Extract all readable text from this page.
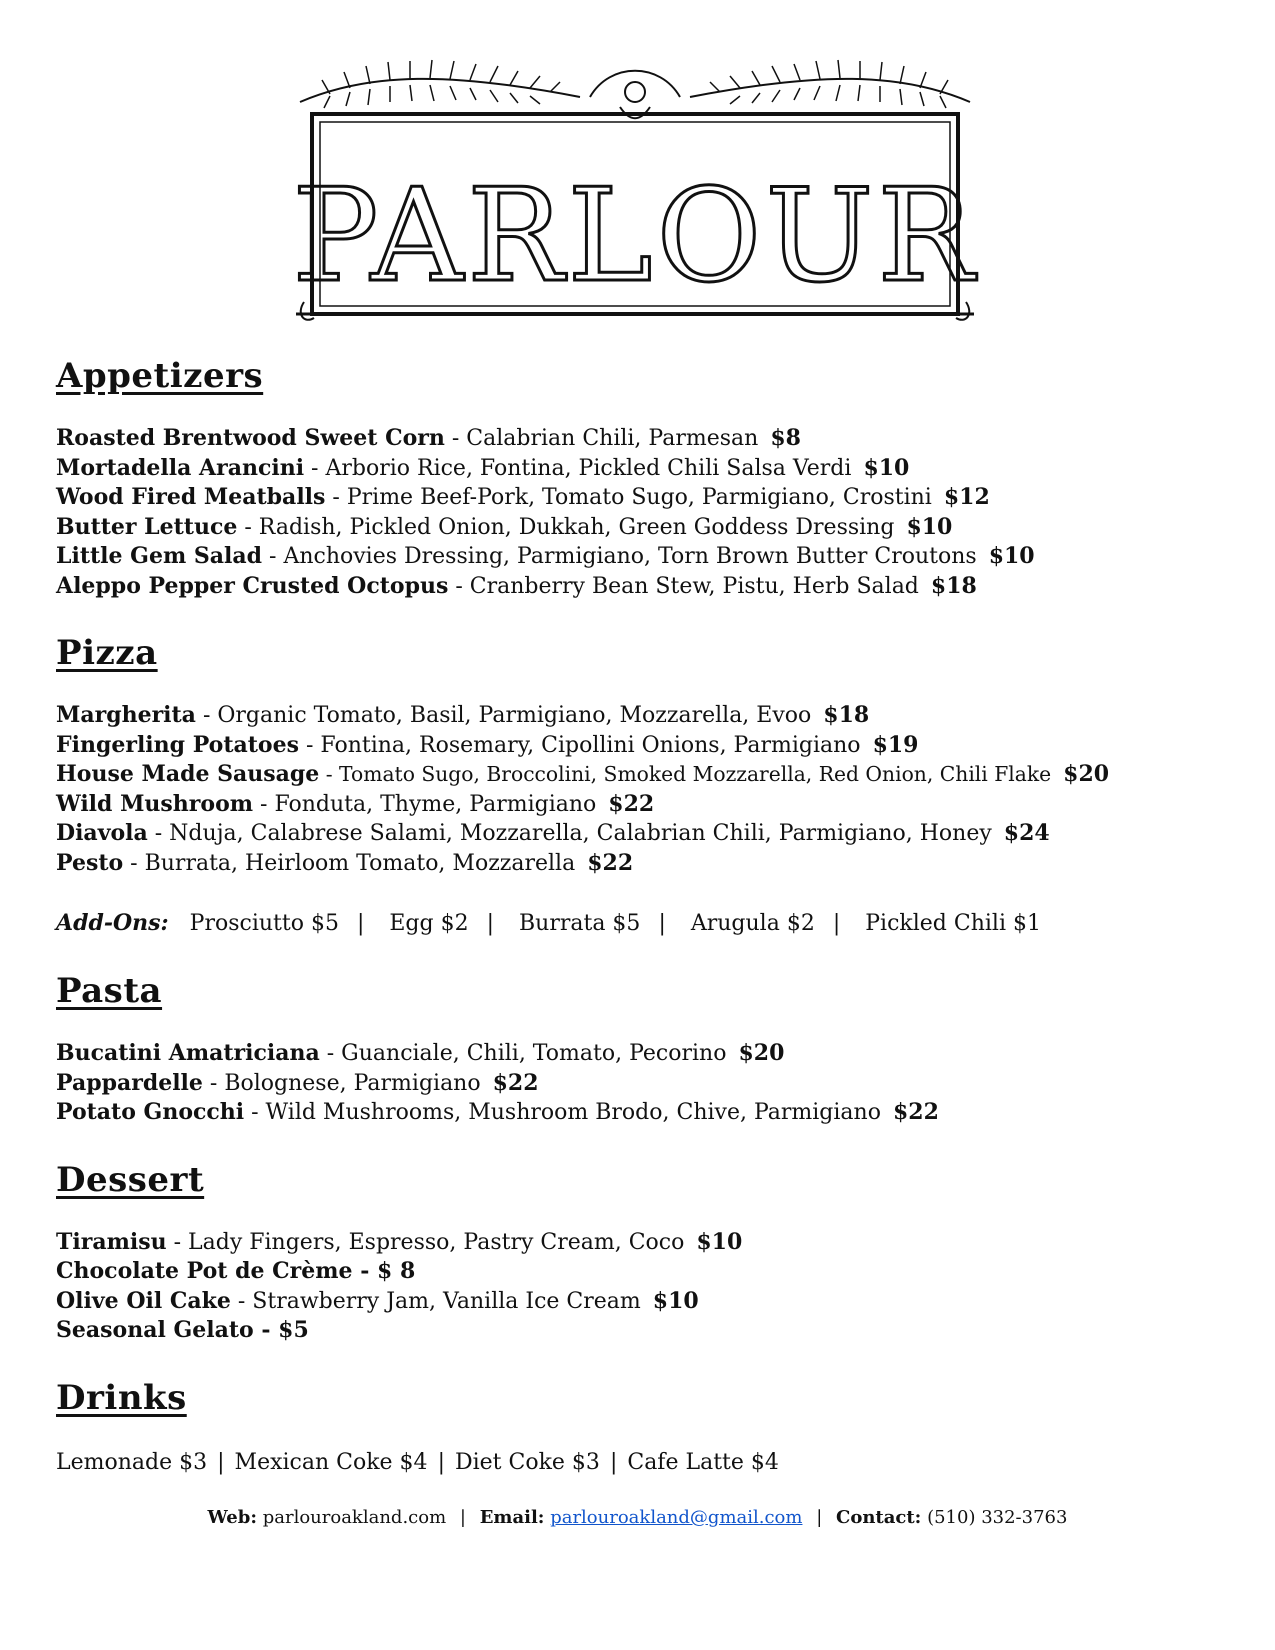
PARLOUR
Appetizers
Roasted Brentwood Sweet Corn - Calabrian Chili, Parmesan $8
Mortadella Arancini - Arborio Rice, Fontina, Pickled Chili Salsa Verdi $10
Wood Fired Meatballs - Prime Beef-Pork, Tomato Sugo, Parmigiano, Crostini $12
Butter Lettuce - Radish, Pickled Onion, Dukkah, Green Goddess Dressing $10
Little Gem Salad - Anchovies Dressing, Parmigiano, Torn Brown Butter Croutons $10
Aleppo Pepper Crusted Octopus - Cranberry Bean Stew, Pistu, Herb Salad $18
Pizza
Margherita - Organic Tomato, Basil, Parmigiano, Mozzarella, Evoo $18
Fingerling Potatoes - Fontina, Rosemary, Cipollini Onions, Parmigiano $19
House Made Sausage - Tomato Sugo, Broccolini, Smoked Mozzarella, Red Onion, Chili Flake $20
Wild Mushroom - Fonduta, Thyme, Parmigiano $22
Diavola - Nduja, Calabrese Salami, Mozzarella, Calabrian Chili, Parmigiano, Honey $24
Pesto - Burrata, Heirloom Tomato, Mozzarella $22
Add-Ons: Prosciutto $5 | Egg $2 | Burrata $5 | Arugula $2 | Pickled Chili $1
Pasta
Bucatini Amatriciana - Guanciale, Chili, Tomato, Pecorino $20
Pappardelle - Bolognese, Parmigiano $22
Potato Gnocchi - Wild Mushrooms, Mushroom Brodo, Chive, Parmigiano $22
Dessert
Tiramisu - Lady Fingers, Espresso, Pastry Cream, Coco $10
Chocolate Pot de Crème - $ 8
Olive Oil Cake - Strawberry Jam, Vanilla Ice Cream $10
Seasonal Gelato - $5
Drinks
Lemonade $3 | Mexican Coke $4 | Diet Coke $3 | Cafe Latte $4
Web: parlouroakland.com | Email: parlouroakland@gmail.com | Contact: (510) 332-3763
